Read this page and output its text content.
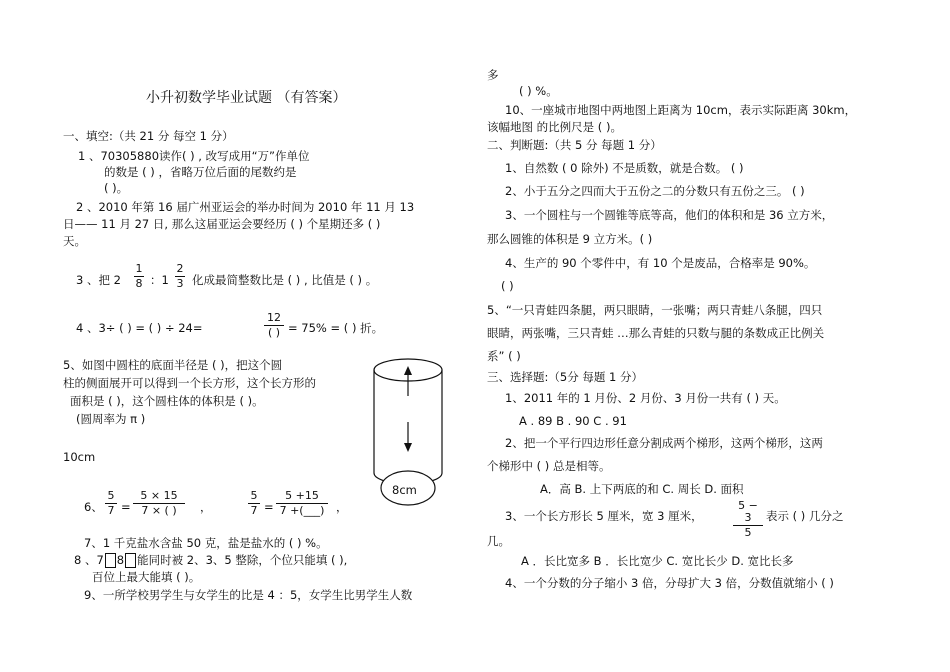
小升初数学毕业试题 （有答案）
一、填空:（共 21 分 每空 1 分）
1 、70305880读作( ) , 改写成用“万”作单位
的数是 ( ) ，省略万位后面的尾数约是
( )。
2 、2010 年第 16 届广州亚运会的举办时间为 2010 年 11 月 13
日—— 11 月 27 日, 那么这届亚运会要经历 ( ) 个星期还多 ( )
天。
3 、把 2
1
8 ：1
2
3 化成最简整数比是 ( ) , 比值是 ( ) 。
4 、3÷ ( ) = ( ) ÷ 24=
12
( ) = 75% = ( ) 折。
5、如图中圆柱的底面半径是 ( )，把这个圆
柱的侧面展开可以得到一个长方形，这个长方形的
面积是 ( )，这个圆柱体的体积是 ( )。
(圆周率为 π )
10cm
8cm
6、
5
7 =
5 × 15
7 × ( )	，
5
7 =
5 +15
7 +(___)	，
7、1 千克盐水含盐 50 克，盐是盐水的 ( ) %。
8 、7 8 能同时被 2、3、5 整除，个位只能填 ( ),
百位上最大能填 ( )。
9、一所学校男学生与女学生的比是 4 ：5，女学生比男学生人数
多
( ) %。
10、一座城市地图中两地图上距离为 10cm，表示实际距离 30km，
该幅地图 的比例尺是 ( )。
二、判断题:（共 5 分 每题 1 分）
1、自然数 ( 0 除外) 不是质数，就是合数。 ( )
2、小于五分之四而大于五份之二的分数只有五份之三。 ( )
3、一个圆柱与一个圆锥等底等高，他们的体积和是 36 立方米，
那么圆锥的体积是 9 立方米。( )
4、生产的 90 个零件中，有 10 个是废品，合格率是 90%。
( )
5、“一只青蛙四条腿，两只眼睛，一张嘴；两只青蛙八条腿，四只
眼睛，两张嘴，三只青蛙 …那么青蛙的只数与腿的条数成正比例关
系” ( )
三、选择题:（5分 每题 1 分）
1、2011 年的 1 月份、2 月份、3 月份一共有 ( ) 天。
A . 89 B . 90 C . 91
2、把一个平行四边形任意分割成两个梯形，这两个梯形，这两
个梯形中 ( ) 总是相等。
A．高 B. 上下两底的和 C. 周长 D. 面积
3、一个长方形长 5 厘米，宽 3 厘米，
5 − 3
5
表示 ( ) 几分之
几。
A ．长比宽多 B ．长比宽少 C. 宽比长少 D. 宽比长多
4、一个分数的分子缩小 3 倍，分母扩大 3 倍，分数值就缩小 ( )
